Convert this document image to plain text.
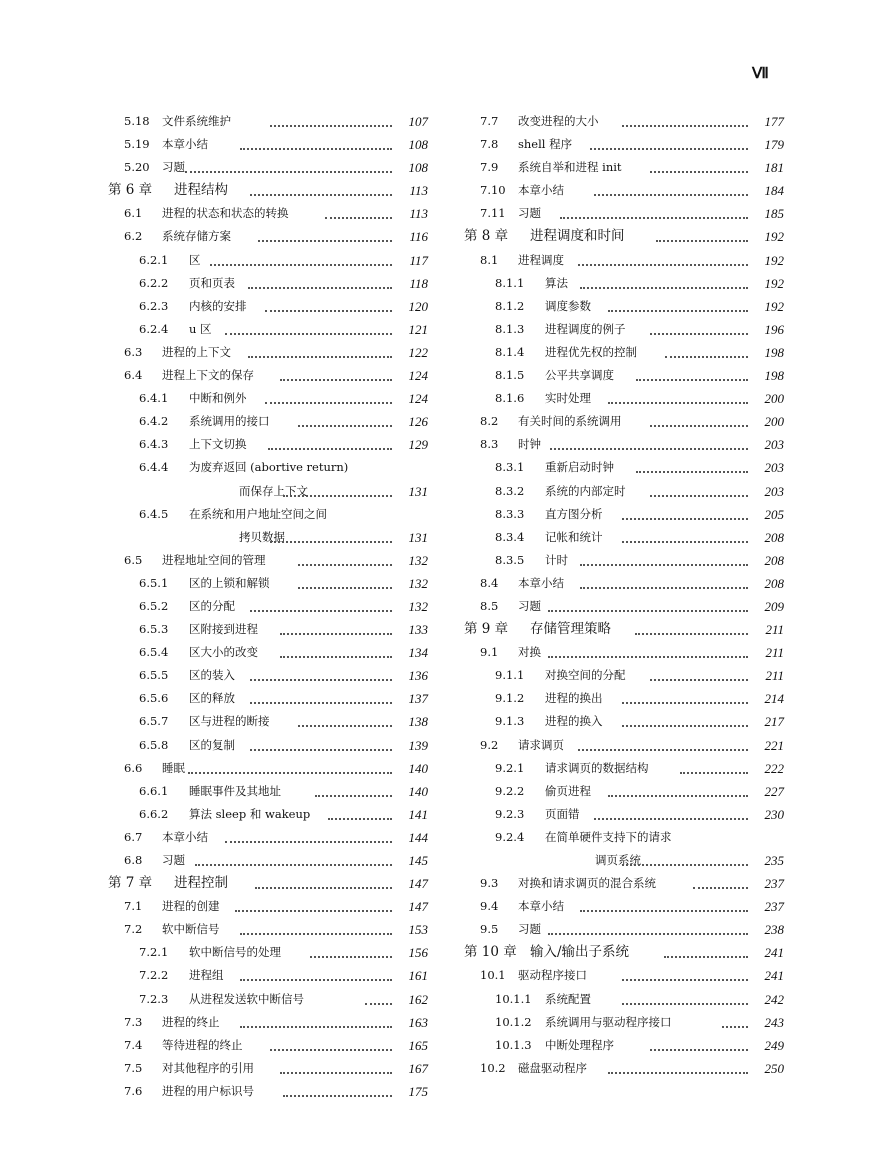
Ⅶ
5.18 文件系统维护	107
5.19 本章小结	108
5.20 习题	108
第 6 章 进程结构	113
6.1 进程的状态和状态的转换	113
6.2 系统存储方案	116
6.2.1 区	117
6.2.2 页和页表	118
6.2.3 内核的安排	120
6.2.4 u 区	121
6.3 进程的上下文	122
6.4 进程上下文的保存	124
6.4.1 中断和例外	124
6.4.2 系统调用的接口	126
6.4.3 上下文切换	129
6.4.4 为废弃返回 (abortive return)
而保存上下文	131
6.4.5 在系统和用户地址空间之间
拷贝数据	131
6.5 进程地址空间的管理	132
6.5.1 区的上锁和解锁	132
6.5.2 区的分配	132
6.5.3 区附接到进程	133
6.5.4 区大小的改变	134
6.5.5 区的装入	136
6.5.6 区的释放	137
6.5.7 区与进程的断接	138
6.5.8 区的复制	139
6.6 睡眠	140
6.6.1 睡眠事件及其地址	140
6.6.2 算法 sleep 和 wakeup	141
6.7 本章小结	144
6.8 习题	145
第 7 章 进程控制	147
7.1 进程的创建	147
7.2 软中断信号	153
7.2.1 软中断信号的处理	156
7.2.2 进程组	161
7.2.3 从进程发送软中断信号	162
7.3 进程的终止	163
7.4 等待进程的终止	165
7.5 对其他程序的引用	167
7.6 进程的用户标识号	175
7.7 改变进程的大小	177
7.8 shell 程序	179
7.9 系统自举和进程 init	181
7.10 本章小结	184
7.11 习题	185
第 8 章 进程调度和时间	192
8.1 进程调度	192
8.1.1 算法	192
8.1.2 调度参数	192
8.1.3 进程调度的例子	196
8.1.4 进程优先权的控制	198
8.1.5 公平共享调度	198
8.1.6 实时处理	200
8.2 有关时间的系统调用	200
8.3 时钟	203
8.3.1 重新启动时钟	203
8.3.2 系统的内部定时	203
8.3.3 直方图分析	205
8.3.4 记帐和统计	208
8.3.5 计时	208
8.4 本章小结	208
8.5 习题	209
第 9 章 存储管理策略	211
9.1 对换	211
9.1.1 对换空间的分配	211
9.1.2 进程的换出	214
9.1.3 进程的换入	217
9.2 请求调页	221
9.2.1 请求调页的数据结构	222
9.2.2 偷页进程	227
9.2.3 页面错	230
9.2.4 在简单硬件支持下的请求
调页系统	235
9.3 对换和请求调页的混合系统	237
9.4 本章小结	237
9.5 习题	238
第 10 章 输入/输出子系统	241
10.1 驱动程序接口	241
10.1.1 系统配置	242
10.1.2 系统调用与驱动程序接口	243
10.1.3 中断处理程序	249
10.2 磁盘驱动程序	250
